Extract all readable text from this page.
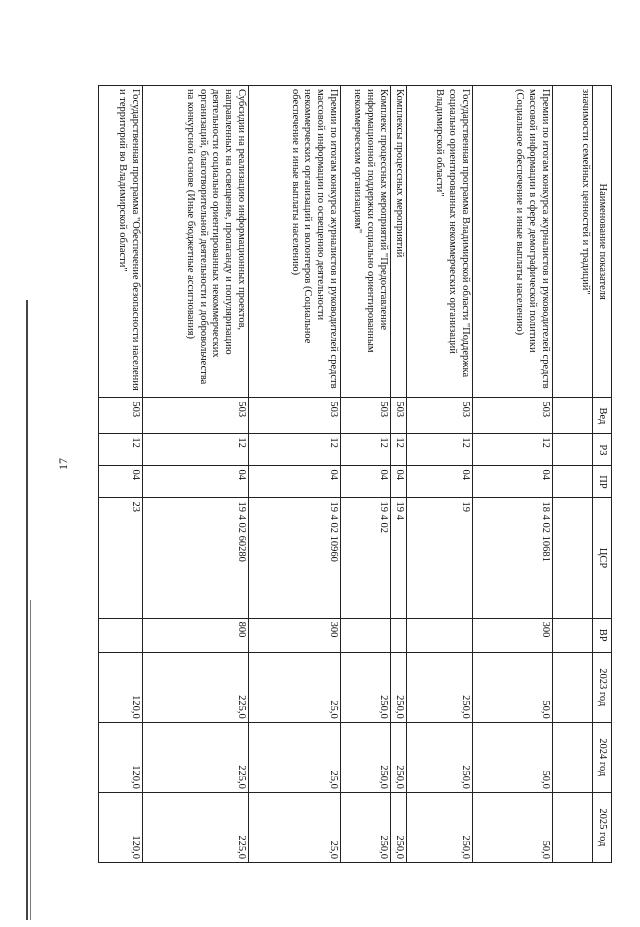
17
Наименование показателя	Вед	РЗ	ПР	ЦСР	ВР	2023 год	2024 год	2025 год
значимости семейных ценностей и традиций"								
Премии по итогам конкурса журналистов и руководителей средств массовой информации в сфере демографической политики (Социальное обеспечение и иные выплаты населению)	503	12	04	18 4 02 10681	300	50,0	50,0	50,0
Государственная программа Владимирской области "Поддержка социально ориентированных некоммерческих организаций Владимирской области"	503	12	04	19		250,0	250,0	250,0
Комплексы процессных мероприятий	503	12	04	19 4		250,0	250,0	250,0
Комплекс процессных мероприятий "Предоставление информационной поддержки социально ориентированным некоммерческим организациям"	503	12	04	19 4 02		250,0	250,0	250,0
Премии по итогам конкурса журналистов и руководителей средств массовой информации по освещению деятельности некоммерческих организаций и волонтеров (Социальное обеспечение и иные выплаты населению)	503	12	04	19 4 02 10960	300	25,0	25,0	25,0
Субсидии на реализацию информационных проектов, направленных на освещение, пропаганду и популяризацию деятельности социально ориентированных некоммерческих организаций, благотворительной деятельности и добровольчества на конкурсной основе (Иные бюджетные ассигнования)	503	12	04	19 4 02 60280	800	225,0	225,0	225,0
Государственная программа "Обеспечение безопасности населения и территорий во Владимирской области"	503	12	04	23		120,0	120,0	120,0
